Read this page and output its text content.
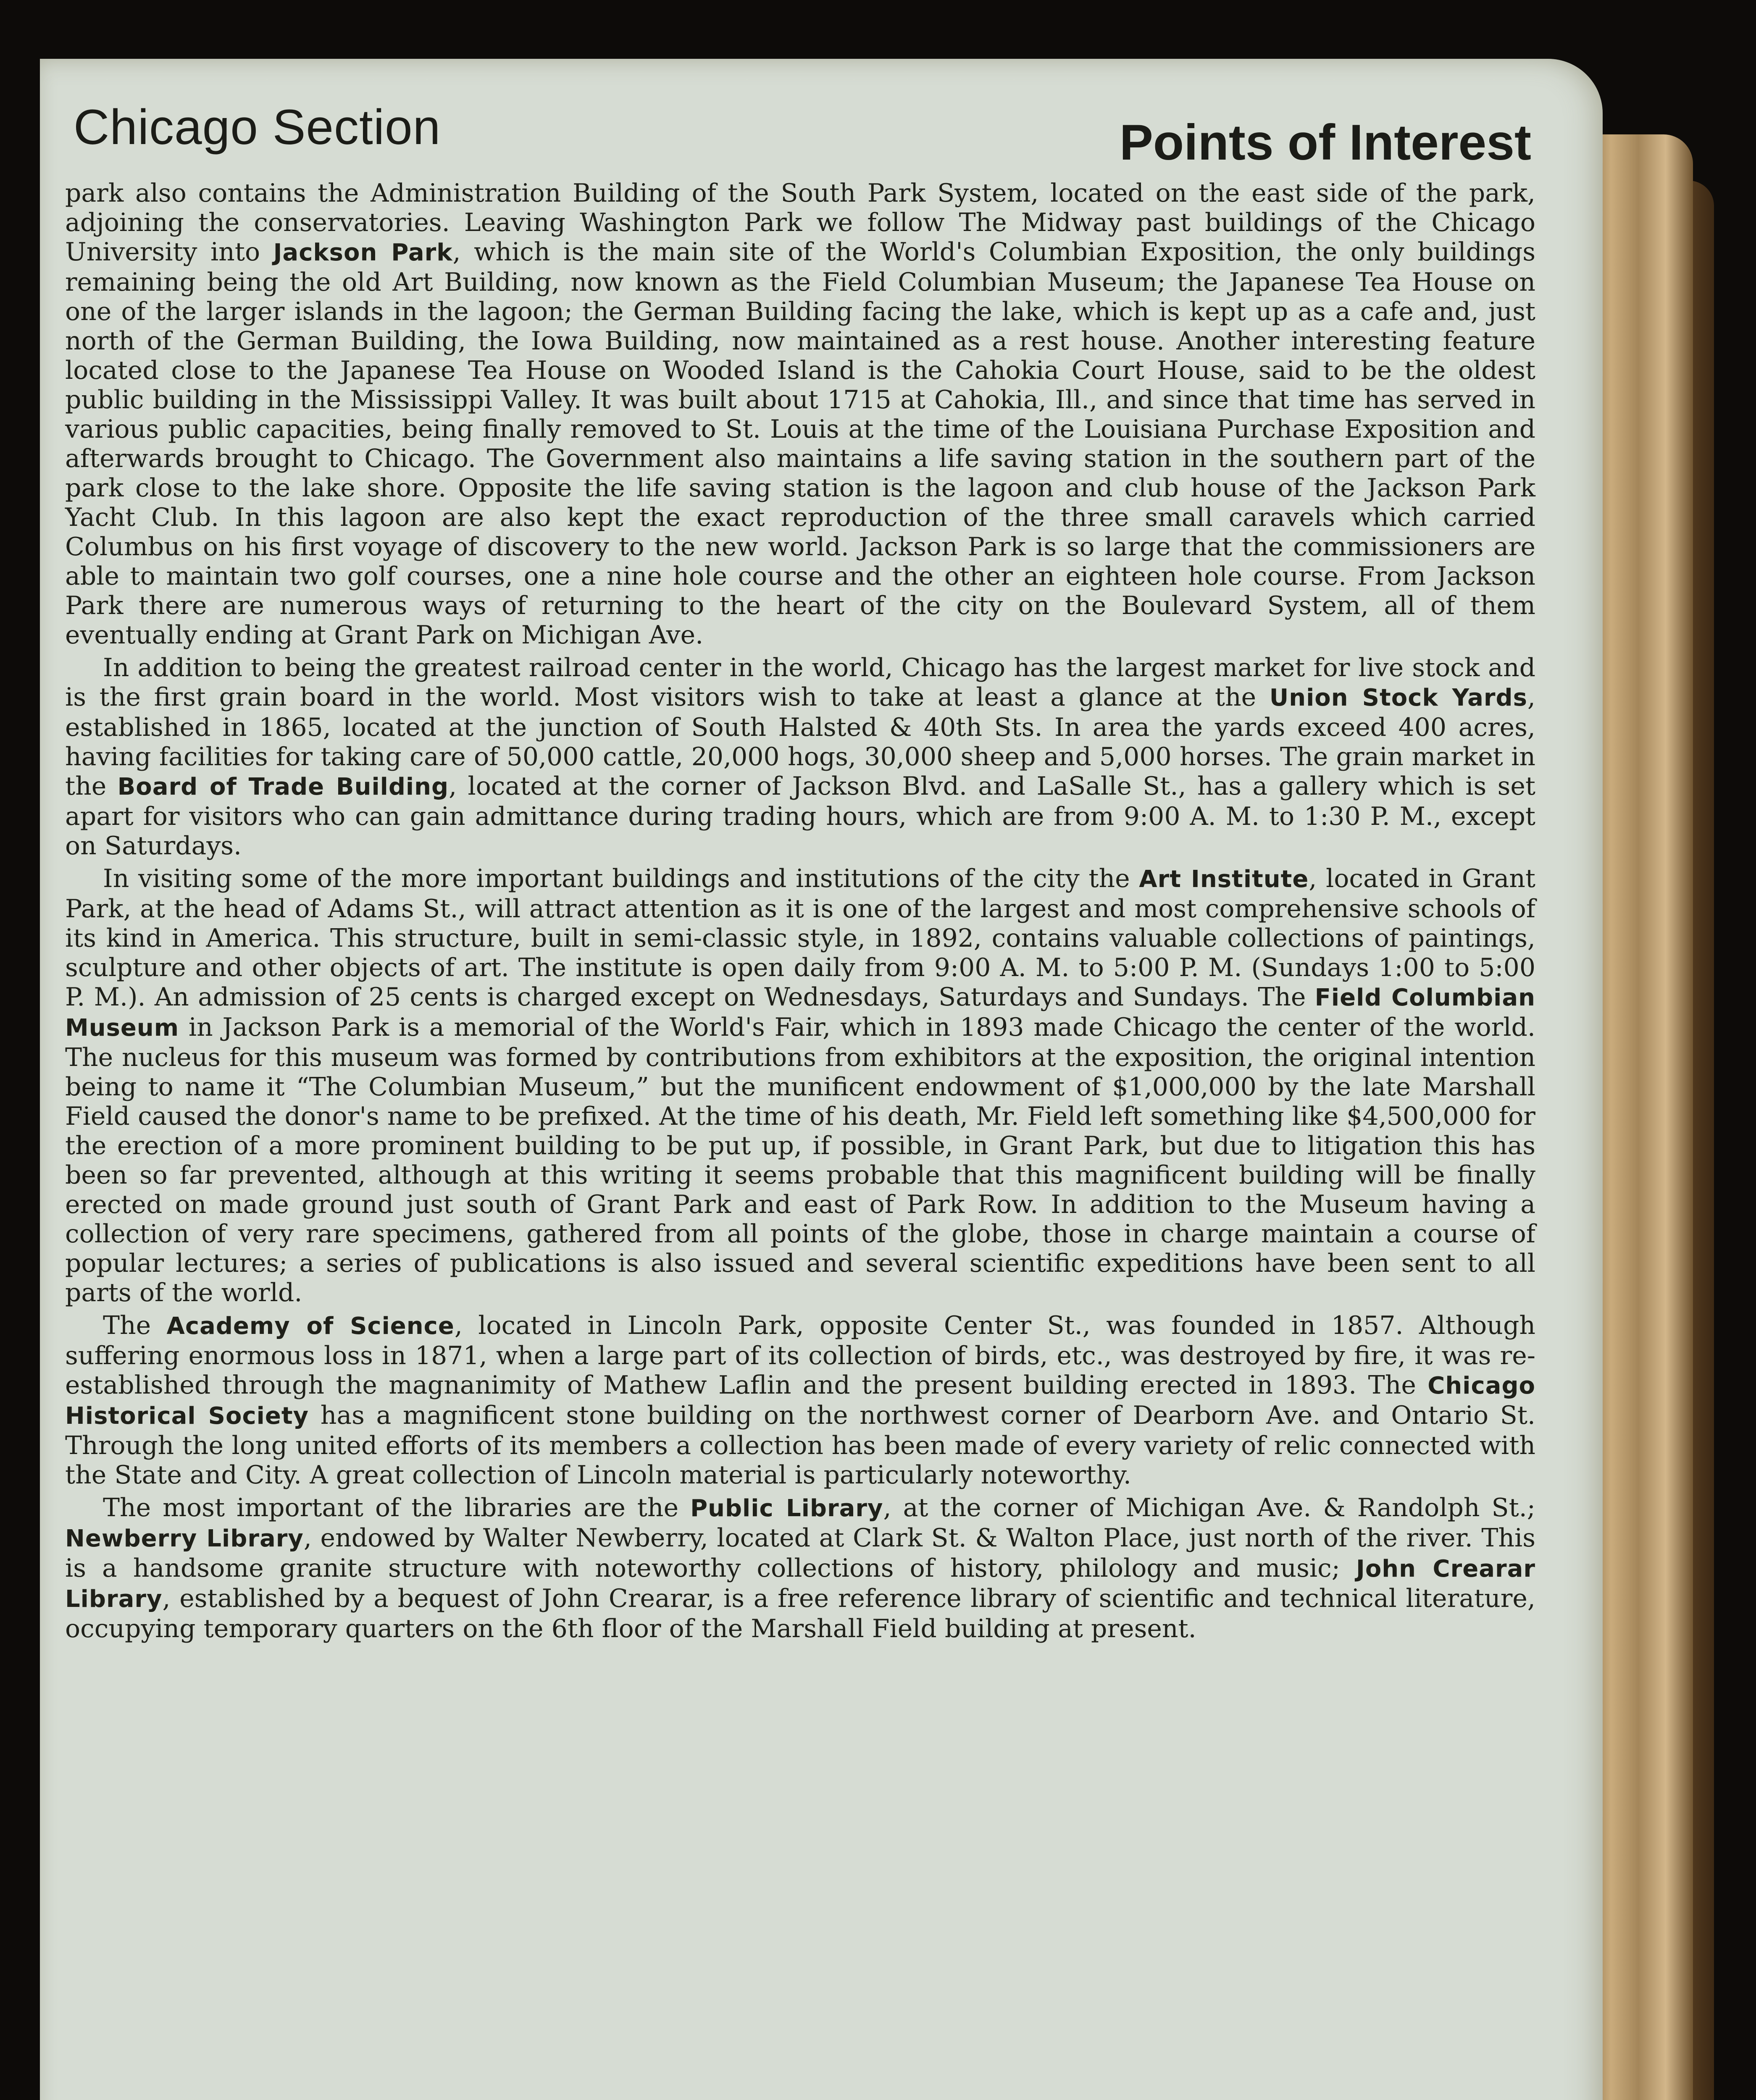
Chicago Section	Points of Interest

park also contains the Administration Building of the South Park System, located on the east side of the park, adjoining the conservatories. Leaving Washington Park we follow The Midway past buildings of the Chicago University into Jackson Park, which is the main site of the World's Columbian Exposition, the only buildings remaining being the old Art Building, now known as the Field Columbian Museum; the Japanese Tea House on one of the larger islands in the lagoon; the German Building facing the lake, which is kept up as a cafe and, just north of the German Building, the Iowa Building, now maintained as a rest house. Another interesting feature located close to the Japanese Tea House on Wooded Island is the Cahokia Court House, said to be the oldest public building in the Mississippi Valley. It was built about 1715 at Cahokia, Ill., and since that time has served in various public capacities, being finally removed to St. Louis at the time of the Louisiana Purchase Exposition and afterwards brought to Chicago. The Government also maintains a life saving station in the southern part of the park close to the lake shore. Opposite the life saving station is the lagoon and club house of the Jackson Park Yacht Club. In this lagoon are also kept the exact reproduction of the three small caravels which carried Columbus on his first voyage of discovery to the new world. Jackson Park is so large that the commissioners are able to maintain two golf courses, one a nine hole course and the other an eighteen hole course. From Jackson Park there are numerous ways of returning to the heart of the city on the Boulevard System, all of them eventually ending at Grant Park on Michigan Ave.

In addition to being the greatest railroad center in the world, Chicago has the largest market for live stock and is the first grain board in the world. Most visitors wish to take at least a glance at the Union Stock Yards, established in 1865, located at the junction of South Halsted & 40th Sts. In area the yards exceed 400 acres, having facilities for taking care of 50,000 cattle, 20,000 hogs, 30,000 sheep and 5,000 horses. The grain market in the Board of Trade Building, located at the corner of Jackson Blvd. and LaSalle St., has a gallery which is set apart for visitors who can gain admittance during trading hours, which are from 9:00 A. M. to 1:30 P. M., except on Saturdays.

In visiting some of the more important buildings and institutions of the city the Art Institute, located in Grant Park, at the head of Adams St., will attract attention as it is one of the largest and most comprehensive schools of its kind in America. This structure, built in semi-classic style, in 1892, contains valuable collections of paintings, sculpture and other objects of art. The institute is open daily from 9:00 A. M. to 5:00 P. M. (Sundays 1:00 to 5:00 P. M.). An admission of 25 cents is charged except on Wednesdays, Saturdays and Sundays. The Field Columbian Museum in Jackson Park is a memorial of the World's Fair, which in 1893 made Chicago the center of the world. The nucleus for this museum was formed by contributions from exhibitors at the exposition, the original intention being to name it “The Columbian Museum,” but the munificent endowment of $1,000,000 by the late Marshall Field caused the donor's name to be prefixed. At the time of his death, Mr. Field left something like $4,500,000 for the erection of a more prominent building to be put up, if possible, in Grant Park, but due to litigation this has been so far prevented, although at this writing it seems probable that this magnificent building will be finally erected on made ground just south of Grant Park and east of Park Row. In addition to the Museum having a collection of very rare specimens, gathered from all points of the globe, those in charge maintain a course of popular lectures; a series of publications is also issued and several scientific expeditions have been sent to all parts of the world.

The Academy of Science, located in Lincoln Park, opposite Center St., was founded in 1857. Although suffering enormous loss in 1871, when a large part of its collection of birds, etc., was destroyed by fire, it was re-established through the magnanimity of Mathew Laflin and the present building erected in 1893. The Chicago Historical Society has a magnificent stone building on the northwest corner of Dearborn Ave. and Ontario St. Through the long united efforts of its members a collection has been made of every variety of relic connected with the State and City. A great collection of Lincoln material is particularly noteworthy.

The most important of the libraries are the Public Library, at the corner of Michigan Ave. & Randolph St.; Newberry Library, endowed by Walter Newberry, located at Clark St. & Walton Place, just north of the river. This is a handsome granite structure with noteworthy collections of history, philology and music; John Crearar Library, established by a bequest of John Crearar, is a free reference library of scientific and technical literature, occupying temporary quarters on the 6th floor of the Marshall Field building at present.
